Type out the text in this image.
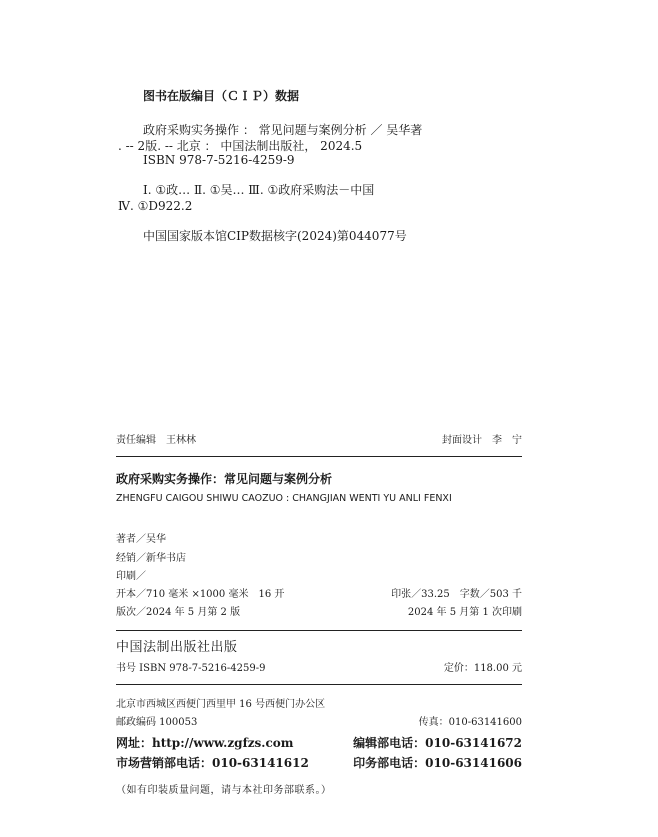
图书在版编目（ＣＩＰ）数据
政府采购实务操作 ： 常见问题与案例分析 ／ 吴华著
. -- 2版. -- 北京 ： 中国法制出版社， 2024.5
ISBN 978-7-5216-4259-9
Ⅰ. ①政… Ⅱ. ①吴… Ⅲ. ①政府采购法－中国
Ⅳ. ①D922.2
中国国家版本馆CIP数据核字(2024)第044077号
责任编辑　王林林	封面设计　李　宁
政府采购实务操作：常见问题与案例分析
ZHENGFU CAIGOU SHIWU CAOZUO : CHANGJIAN WENTI YU ANLI FENXI
著者／吴华
经销／新华书店
印刷／
开本／710 毫米 ×1000 毫米　16 开	印张／33.25　字数／503 千
版次／2024 年 5 月第 2 版	2024 年 5 月第 1 次印刷
中国法制出版社出版
书号 ISBN 978-7-5216-4259-9	定价：118.00 元
北京市西城区西便门西里甲 16 号西便门办公区
邮政编码 100053	传真：010-63141600
网址：http://www.zgfzs.com	编辑部电话：010-63141672
市场营销部电话：010-63141612	印务部电话：010-63141606
（如有印装质量问题，请与本社印务部联系。）
